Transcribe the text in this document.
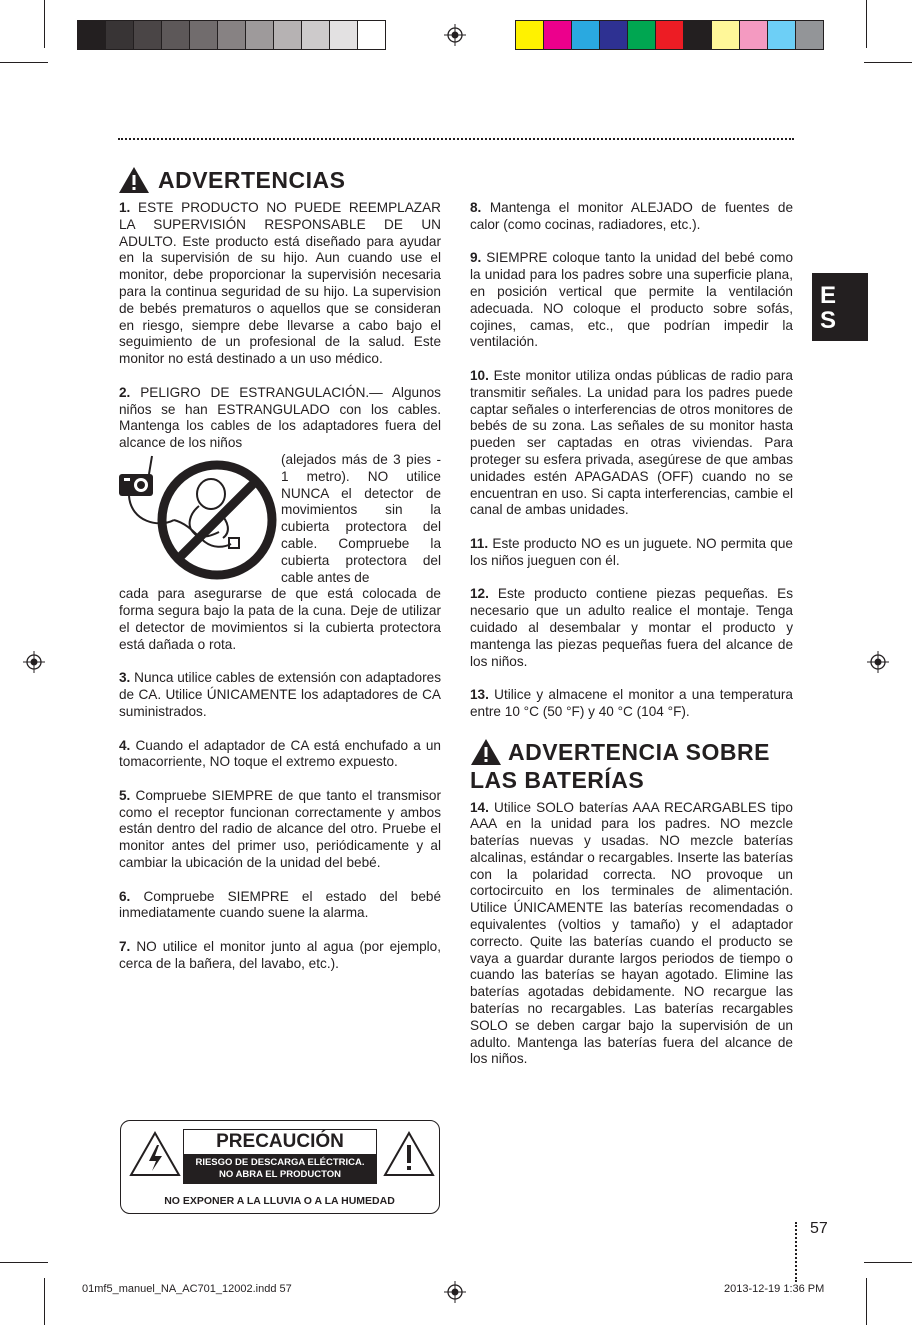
ES
ADVERTENCIAS

1. ESTE PRODUCTO NO PUEDE REEMPLAZAR LA SUPERVISIÓN RESPONSABLE DE UN ADULTO. Este producto está diseñado para ayudar en la supervisión de su hijo. Aun cuando use el monitor, debe proporcionar la supervisión necesaria para la continua seguridad de su hijo. La supervision de bebés prematuros o aquellos que se consideran en riesgo, siempre debe llevarse a cabo bajo el seguimiento de un profesional de la salud. Este monitor no está destinado a un uso médico.

2. PELIGRO DE ESTRANGULACIÓN.— Algunos niños se han ESTRANGULADO con los cables. Mantenga los cables de los adaptadores fuera del alcance de los niños

(alejados más de 3 pies - 1 metro). NO utilice NUNCA el detector de movimientos sin la cubierta protectora del cable. Compruebe la cubierta protectora del cable antes de

cada para asegurarse de que está colocada de forma segura bajo la pata de la cuna. Deje de utilizar el detector de movimientos si la cubierta protectora está dañada o rota.

3. Nunca utilice cables de extensión con adaptadores de CA. Utilice ÚNICAMENTE los adaptadores de CA suministrados.

4. Cuando el adaptador de CA está enchufado a un tomacorriente, NO toque el extremo expuesto.

5. Compruebe SIEMPRE de que tanto el transmisor como el receptor funcionan correctamente y ambos están dentro del radio de alcance del otro. Pruebe el monitor antes del primer uso, periódicamente y al cambiar la ubicación de la unidad del bebé.

6. Compruebe SIEMPRE el estado del bebé inmediatamente cuando suene la alarma.

7. NO utilice el monitor junto al agua (por ejemplo, cerca de la bañera, del lavabo, etc.).

PRECAUCIÓN
RIESGO DE DESCARGA ELÉCTRICA.
NO ABRA EL PRODUCTON
NO EXPONER A LA LLUVIA O A LA HUMEDAD

8. Mantenga el monitor ALEJADO de fuentes de calor (como cocinas, radiadores, etc.).

9. SIEMPRE coloque tanto la unidad del bebé como la unidad para los padres sobre una superficie plana, en posición vertical que permite la ventilación adecuada. NO coloque el producto sobre sofás, cojines, camas, etc., que podrían impedir la ventilación.

10. Este monitor utiliza ondas públicas de radio para transmitir señales. La unidad para los padres puede captar señales o interferencias de otros monitores de bebés de su zona. Las señales de su monitor hasta pueden ser captadas en otras viviendas. Para proteger su esfera privada, asegúrese de que ambas unidades estén APAGADAS (OFF) cuando no se encuentran en uso. Si capta interferencias, cambie el canal de ambas unidades.

11. Este producto NO es un juguete. NO permita que los niños jueguen con él.

12. Este producto contiene piezas pequeñas. Es necesario que un adulto realice el montaje. Tenga cuidado al desembalar y montar el producto y mantenga las piezas pequeñas fuera del alcance de los niños.

13. Utilice y almacene el monitor a una temperatura entre 10 °C (50 °F) y 40 °C (104 °F).

ADVERTENCIA SOBRE
LAS BATERÍAS

14. Utilice SOLO baterías AAA RECARGABLES tipo AAA en la unidad para los padres. NO mezcle baterías nuevas y usadas. NO mezcle baterías alcalinas, estándar o recargables. Inserte las baterías con la polaridad correcta. NO provoque un cortocircuito en los terminales de alimentación. Utilice ÚNICAMENTE las baterías recomendadas o equivalentes (voltios y tamaño) y el adaptador correcto. Quite las baterías cuando el producto se vaya a guardar durante largos periodos de tiempo o cuando las baterías se hayan agotado. Elimine las baterías agotadas debidamente. NO recargue las baterías no recargables. Las baterías recargables SOLO se deben cargar bajo la supervisión de un adulto. Mantenga las baterías fuera del alcance de los niños.

57
01mf5_manuel_NA_AC701_12002.indd 57	2013-12-19 1:36 PM
